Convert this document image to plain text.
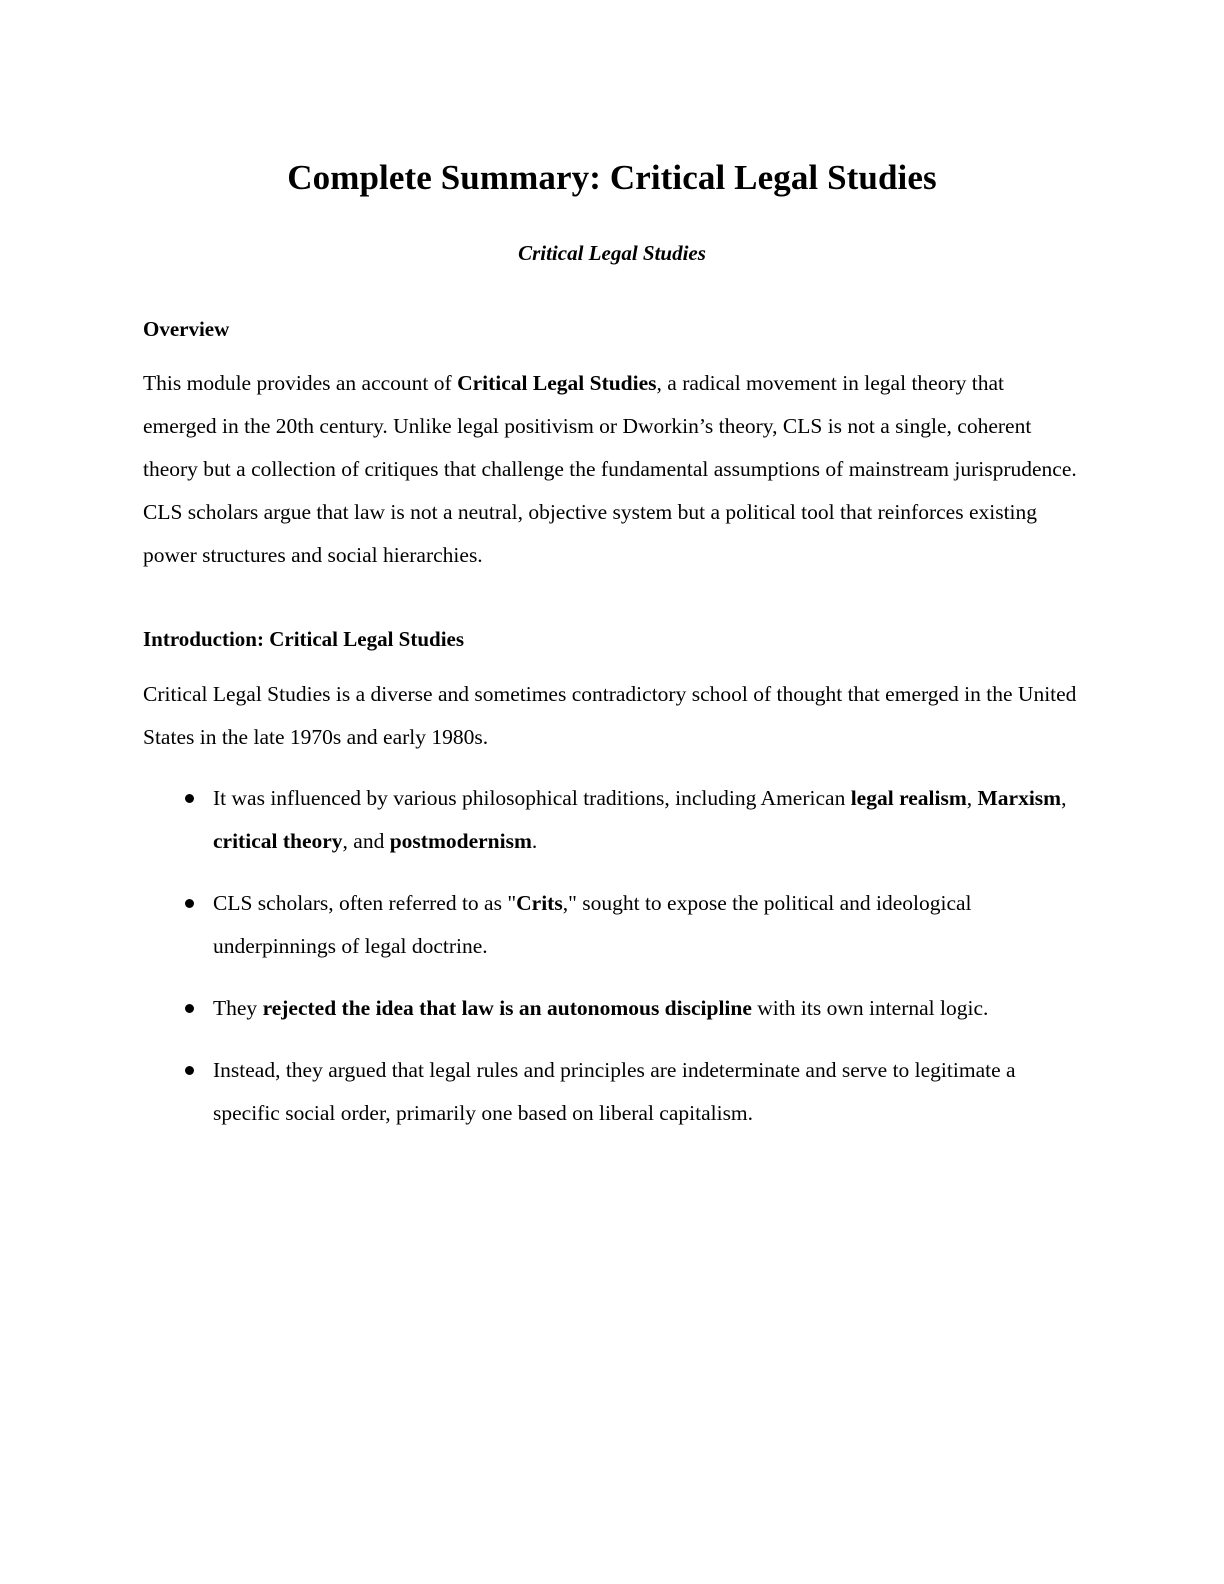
Complete Summary: Critical Legal Studies
Critical Legal Studies
Overview

This module provides an account of Critical Legal Studies, a radical movement in legal theory that emerged in the 20th century. Unlike legal positivism or Dworkin’s theory, CLS is not a single, coherent theory but a collection of critiques that challenge the fundamental assumptions of mainstream jurisprudence. CLS scholars argue that law is not a neutral, objective system but a political tool that reinforces existing power structures and social hierarchies.

Introduction: Critical Legal Studies

Critical Legal Studies is a diverse and sometimes contradictory school of thought that emerged in the United States in the late 1970s and early 1980s.

It was influenced by various philosophical traditions, including American legal realism, Marxism, critical theory, and postmodernism.
CLS scholars, often referred to as "Crits," sought to expose the political and ideological underpinnings of legal doctrine.
They rejected the idea that law is an autonomous discipline with its own internal logic.
Instead, they argued that legal rules and principles are indeterminate and serve to legitimate a specific social order, primarily one based on liberal capitalism.
